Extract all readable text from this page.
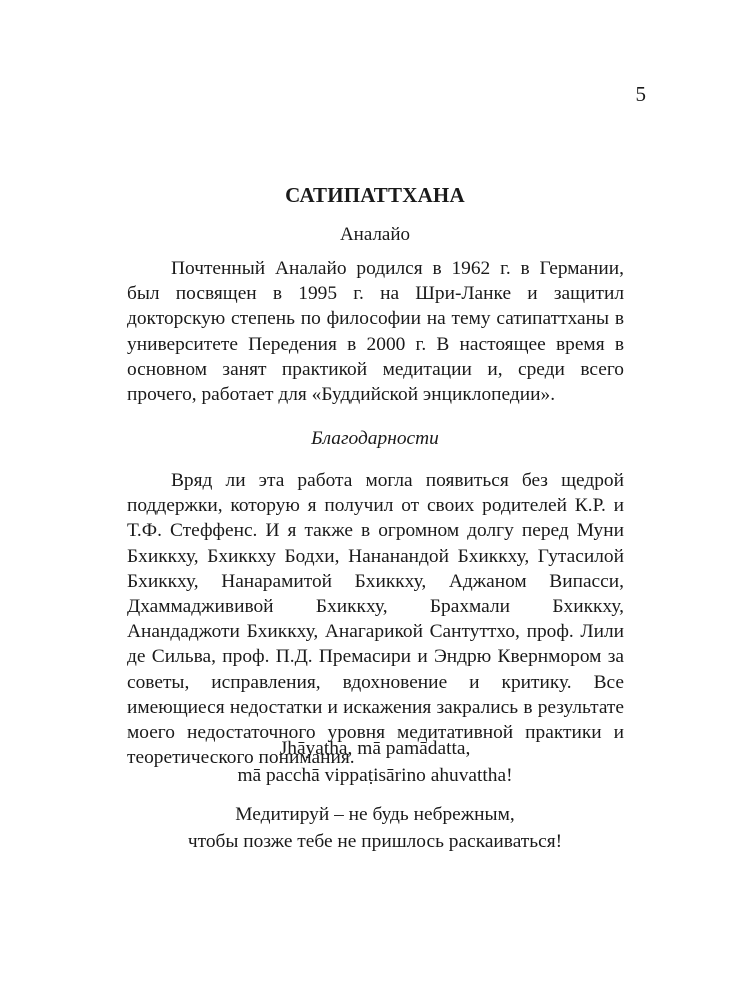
5
САТИПАТТХАНА
Аналайо

Почтенный Аналайо родился в 1962 г. в Германии, был посвящен в 1995 г. на Шри-Ланке и защитил докторскую степень по философии на тему сатипаттханы в университете Передения в 2000 г. В настоящее время в основном занят практикой медитации и, среди всего прочего, работает для «Буддийской энциклопедии».

Благодарности

Вряд ли эта работа могла появиться без щедрой поддержки, которую я получил от своих родителей К.Р. и Т.Ф. Стеффенс. И я также в огромном долгу перед Муни Бхиккху, Бхиккху Бодхи, Нананандой Бхиккху, Гутасилой Бхиккху, Нанарамитой Бхиккху, Аджаном Випасси, Дхаммаджививой Бхиккху, Брахмали Бхиккху, Анандаджоти Бхиккху, Анагарикой Сантуттхо, проф. Лили де Сильва, проф. П.Д. Премасири и Эндрю Квернмором за советы, исправления, вдохновение и критику. Все имеющиеся недостатки и искажения закрались в результате моего недостаточного уровня медитативной практики и теоретического понимания.

Jhāyatha, mā pamādatta,
mā pacchā vippaṭisārino ahuvattha!
Медитируй – не будь небрежным,
чтобы позже тебе не пришлось раскаиваться!
